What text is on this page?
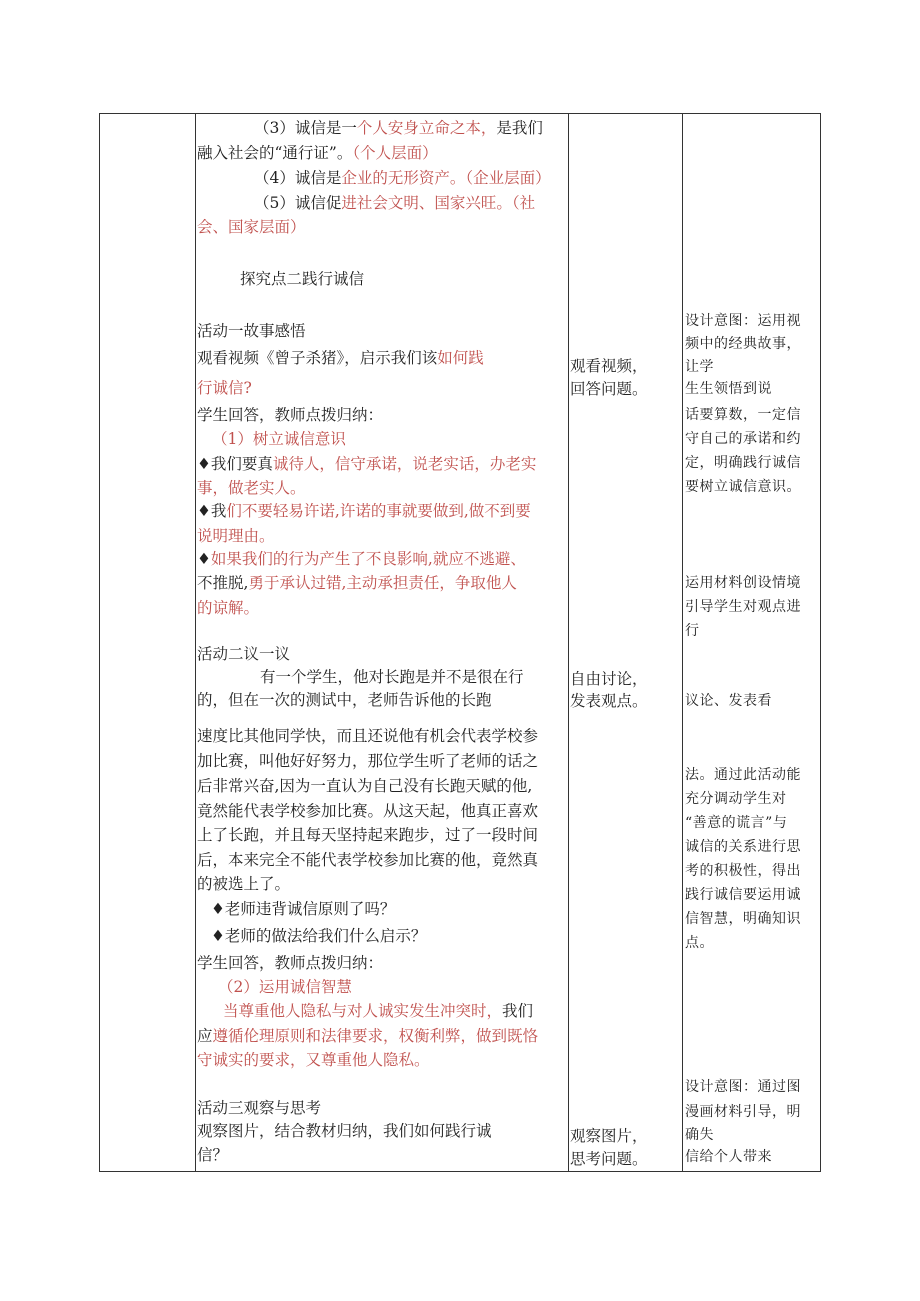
（3）诚信是一个人安身立命之本，是我们
融入社会的“通行证”。（个人层面）
（4）诚信是企业的无形资产。（企业层面）
（5）诚信促进社会文明、国家兴旺。（社
会、国家层面）
探究点二践行诚信
活动一故事感悟
观看视频《曾子杀猪》，启示我们该如何践
行诚信?
学生回答，教师点拨归纳：
（1）树立诚信意识
♦我们要真诚待人，信守承诺，说老实话，办老实
事，做老实人。
♦我们不要轻易许诺,许诺的事就要做到,做不到要
说明理由。
♦如果我们的行为产生了不良影响,就应不逃避、
不推脱,勇于承认过错,主动承担责任，争取他人
的谅解。
活动二议一议
有一个学生，他对长跑是并不是很在行
的，但在一次的测试中，老师告诉他的长跑
速度比其他同学快，而且还说他有机会代表学校参
加比赛，叫他好好努力，那位学生听了老师的话之
后非常兴奋,因为一直认为自己没有长跑天赋的他,
竟然能代表学校参加比赛。从这天起，他真正喜欢
上了长跑，并且每天坚持起来跑步，过了一段时间
后，本来完全不能代表学校参加比赛的他，竟然真
的被选上了。
♦老师违背诚信原则了吗？
♦老师的做法给我们什么启示？
学生回答，教师点拨归纳：
（2）运用诚信智慧
当尊重他人隐私与对人诚实发生冲突时，我们
应遵循伦理原则和法律要求，权衡利弊，做到既恪
守诚实的要求，又尊重他人隐私。
活动三观察与思考
观察图片，结合教材归纳，我们如何践行诚
信？
观看视频，
回答问题。
自由讨论，
发表观点。
观察图片，
思考问题。
设计意图：运用视
频中的经典故事，
让学
生生领悟到说
话要算数，一定信
守自己的承诺和约
定，明确践行诚信
要树立诚信意识。
运用材料创设情境
引导学生对观点进
行
议论、发表看
法。通过此活动能
充分调动学生对
“善意的谎言”与
诚信的关系进行思
考的积极性，得出
践行诚信要运用诚
信智慧，明确知识
点。
设计意图：通过图
漫画材料引导，明
确失
信给个人带来
